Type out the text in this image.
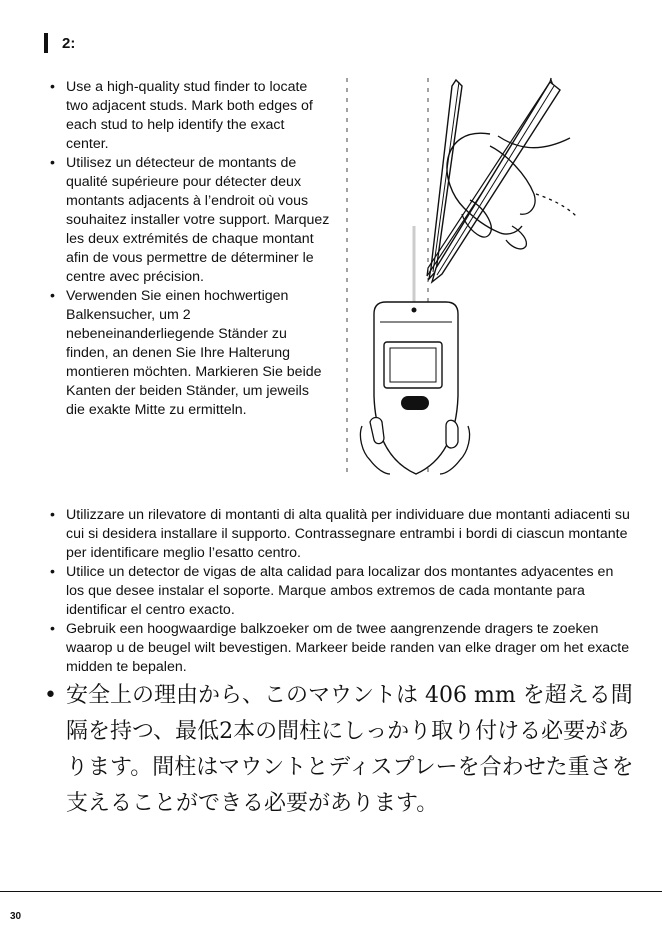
2:
• Use a high-quality stud finder to locate two adjacent studs. Mark both edges of each stud to help identify the exact center.
• Utilisez un détecteur de montants de qualité supérieure pour détecter deux montants adjacents à l’endroit où vous souhaitez installer votre support. Marquez les deux extrémités de chaque montant afin de vous permettre de déterminer le centre avec précision.
• Verwenden Sie einen hochwertigen Balkensucher, um 2 nebeneinanderliegende Ständer zu finden, an denen Sie Ihre Halterung montieren möchten. Markieren Sie beide Kanten der beiden Ständer, um jeweils die exakte Mitte zu ermitteln.
• Utilizzare un rilevatore di montanti di alta qualità per individuare due montanti adiacenti su cui si desidera installare il supporto. Contrassegnare entrambi i bordi di ciascun montante per identificare meglio l’esatto centro.
• Utilice un detector de vigas de alta calidad para localizar dos montantes adyacentes en los que desee instalar el soporte. Marque ambos extremos de cada montante para identificar el centro exacto.
• Gebruik een hoogwaardige balkzoeker om de twee aangrenzende dragers te zoeken waarop u de beugel wilt bevestigen. Markeer beide randen van elke drager om het exacte midden te bepalen.
• 安全上の理由から、このマウントは 406 mm を超える間隔を持つ、最低2本の間柱にしっかり取り付ける必要があります。間柱はマウントとディスプレーを合わせた重さを支えることができる必要があります。
30
